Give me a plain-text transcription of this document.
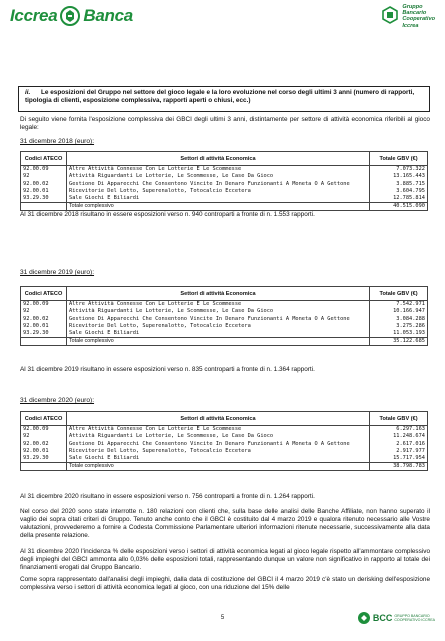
Iccrea Banca	Gruppo
Bancario
Cooperativo
Iccrea
ii. Le esposizioni del Gruppo nel settore del gioco legale e la loro evoluzione nel corso degli ultimi 3 anni (numero di rapporti, tipologia di clienti, esposizione complessiva, rapporti aperti o chiusi, ecc.)

Di seguito viene fornita l'esposizione complessiva dei GBCI degli ultimi 3 anni, distintamente per settore di attività economica riferibili al gioco legale:

31 dicembre 2018 (euro):
Codici ATECO	Settori di attività Economica	Totale GBV (€)
92.00.09	Altre Attività Connesse Con Le Lotterie E Le Scommesse	7.073.322
92	Attività Riguardanti Le Lotterie, Le Scommesse, Le Case Da Gioco	13.165.443
92.00.02	Gestione Di Apparecchi Che Consentono Vincite In Denaro Funzionanti A Moneta O A Gettone	3.885.715
92.00.01	Ricevitorie Del Lotto, Superenalotto, Totocalcio Eccetera	3.604.795
93.29.30	Sale Giochi E Biliardi	12.785.814
	Totale complessivo	40.515.090

Al 31 dicembre 2018 risultano in essere esposizioni verso n. 940 controparti a fronte di n. 1.553 rapporti.

31 dicembre 2019 (euro):
Codici ATECO	Settori di attività Economica	Totale GBV (€)
92.00.09	Altre Attività Connesse Con Le Lotterie E Le Scommesse	7.542.971
92	Attività Riguardanti Le Lotterie, Le Scommesse, Le Case Da Gioco	10.166.947
92.00.02	Gestione Di Apparecchi Che Consentono Vincite In Denaro Funzionanti A Moneta O A Gettone	3.084.288
92.00.01	Ricevitorie Del Lotto, Superenalotto, Totocalcio Eccetera	3.275.286
93.29.30	Sale Giochi E Biliardi	11.053.193
	Totale complessivo	35.122.685

Al 31 dicembre 2019 risultano in essere esposizioni verso n. 835 controparti a fronte di n. 1.364 rapporti.

31 dicembre 2020 (euro):
Codici ATECO	Settori di attività Economica	Totale GBV (€)
92.00.09	Altre Attività Connesse Con Le Lotterie E Le Scommesse	6.297.163
92	Attività Riguardanti Le Lotterie, Le Scommesse, Le Case Da Gioco	11.248.674
92.00.02	Gestione Di Apparecchi Che Consentono Vincite In Denaro Funzionanti A Moneta O A Gettone	2.617.016
92.00.01	Ricevitorie Del Lotto, Superenalotto, Totocalcio Eccetera	2.917.977
93.29.30	Sale Giochi E Biliardi	15.717.954
	Totale complessivo	38.798.783

Al 31 dicembre 2020 risultano in essere esposizioni verso n. 756 controparti a fronte di n. 1.264 rapporti.

Nel corso del 2020 sono state interrotte n. 180 relazioni con clienti che, sulla base delle analisi delle Banche Affiliate, non hanno superato il vaglio dei sopra citati criteri di Gruppo. Tenuto anche conto che il GBCI è costituito dal 4 marzo 2019 e qualora ritenuto necessario alle Vostre valutazioni, provvederemo a fornire a Codesta Commissione Parlamentare ulteriori informazioni ritenute necessarie, successivamente alla data della presente relazione.

Al 31 dicembre 2020 l'incidenza % delle esposizioni verso i settori di attività economica legati al gioco legale rispetto all'ammontare complessivo degli impieghi del GBCI ammonta allo 0,03% delle esposizioni totali, rappresentando dunque un valore non significativo in rapporto al totale dei finanziamenti erogati dal Gruppo Bancario.

Come sopra rappresentato dall'analisi degli impieghi, dalla data di costituzione del GBCI il 4 marzo 2019 c'è stato un derisking dell'esposizione complessiva verso i settori di attività economica legati al gioco, con una riduzione del 15% delle

5	BCC GRUPPO BANCARIO
COOPERATIVO ICCREA
